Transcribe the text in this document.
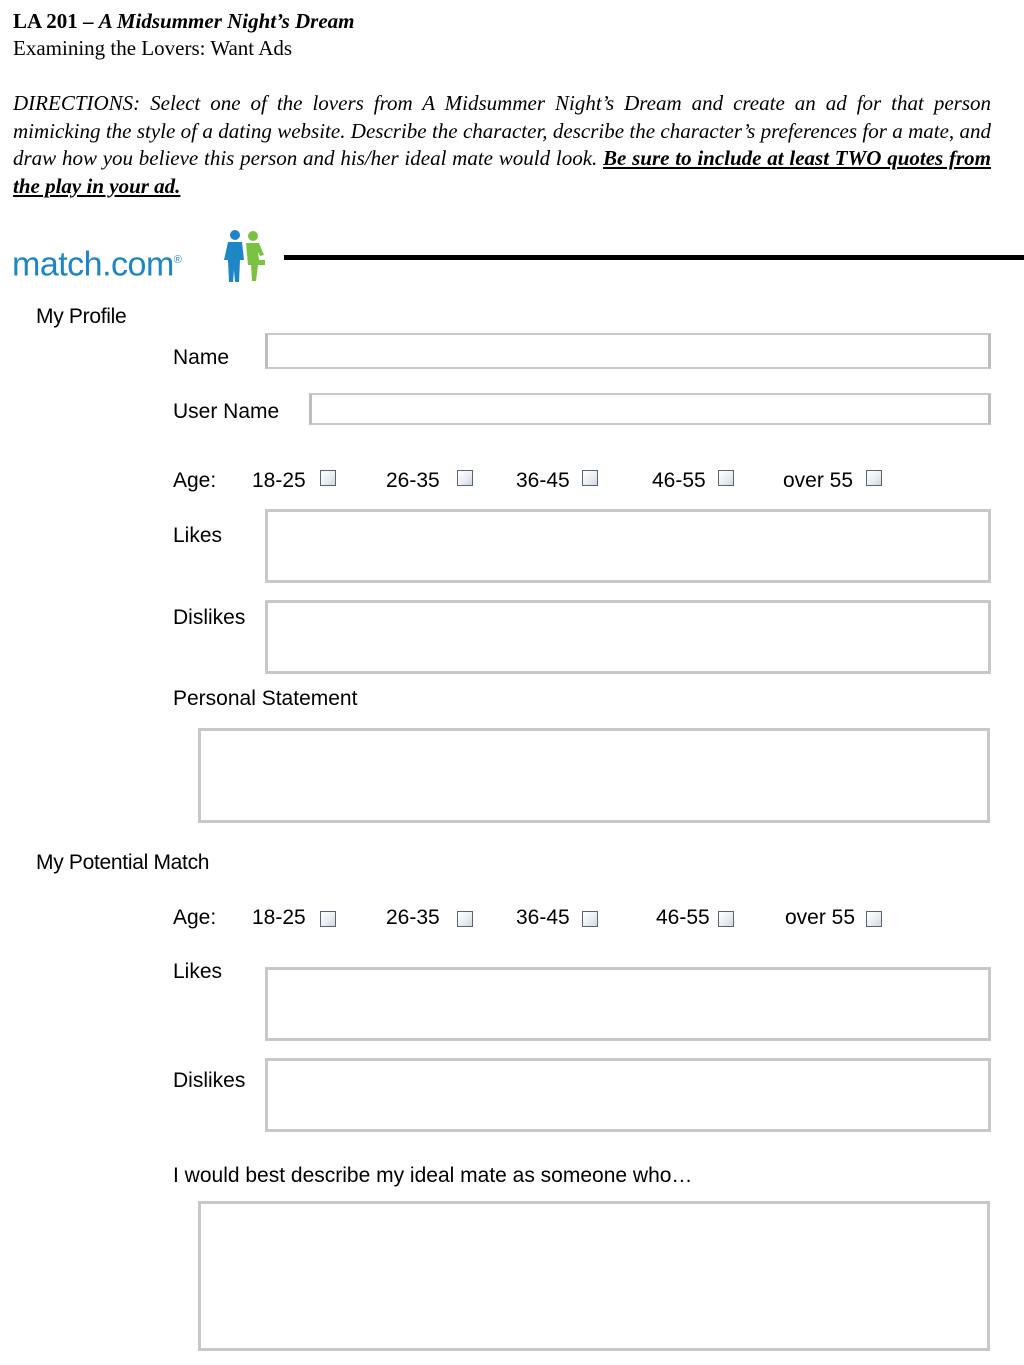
LA 201 – A Midsummer Night’s Dream
Examining the Lovers: Want Ads
DIRECTIONS: Select one of the lovers from A Midsummer Night’s Dream and create an ad for that person mimicking the style of a dating website. Describe the character, describe the character’s preferences for a mate, and draw how you believe this person and his/her ideal mate would look. Be sure to include at least TWO quotes from the play in your ad.
match.com®
My Profile
Name
User Name
Age: 18-25	26-35	36-45	46-55	over 55
Likes
Dislikes
Personal Statement
My Potential Match
Age: 18-25	26-35	36-45	46-55	over 55
Likes
Dislikes
I would best describe my ideal mate as someone who…
